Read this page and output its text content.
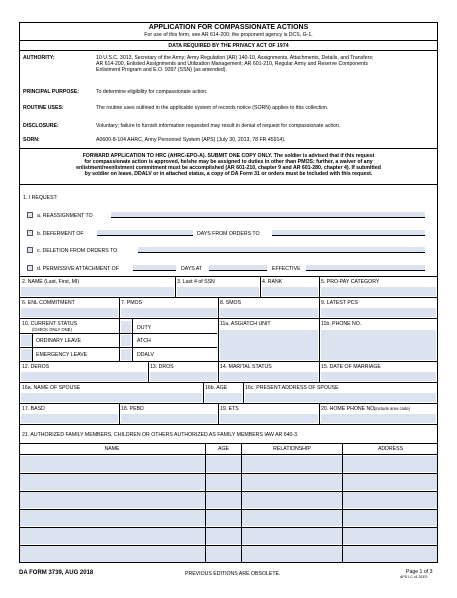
APPLICATION FOR COMPASSIONATE ACTIONS
For use of this form, see AR 614-200; the proponent agency is DCS, G-1.
DATA REQUIRED BY THE PRIVACY ACT OF 1974
AUTHORITY:	10 U.S.C. 3013, Secretary of the Army; Army Regulation (AR) 140-10, Assignments, Attachments, Details, and Transfers;
AR 614-200, Enlisted Assignments and Utilization Management; AR 601-210, Regular Army and Reserve Components
Enlistment Program and E.O. 9397 (SSN) (as amended).
PRINCIPAL PURPOSE:	To determine eligibility for compassionate action.
ROUTINE USES:	The routine uses outlined in the applicable system of records notice (SORN) applies to this collection.
DISCLOSURE:	Voluntary; failure to furnish information requested may result in denial of request for compassionate action.
SORN:	A0600-8-104 AHRC, Army Personnel System (APS) (July 30, 2013, 78 FR 45914).
FORWARD APPLICATION TO HRC (AHRC-EPO-A). SUBMIT ONE COPY ONLY. The soldier is advised that if this request
for compassionate action is approved, he/she may be assigned to duties in other than PMOS; further, a waiver of any
enlistment/reenlistment commitment must be accomplished (AR 601-210, chapter 9 and AR 601-280, chapter 4). If submitted
by soldier on leave, DDALV or in attached status, a copy of DA Form 31 or orders must be included with this request.
1. I REQUEST:
a. REASSIGNMENT TO
b. DEFERMENT OF	DAYS FROM ORDERS TO
c. DELETION FROM ORDERS TO
d. PERMISSIVE ATTACHMENT OF	DAYS AT	EFFECTIVE
2. NAME (Last, First, MI)	3. Last 4 of SSN	4. RANK	5. PRO-PAY CATEGORY
6. ENL COMMITMENT	7. PMOS	8. SMOS	9. LATEST PCS
10. CURRENT STATUS
(CHECK ONLY ONE)	DUTY
ORDINARY LEAVE	ATCH
EMERGENCY LEAVE	DDALV
11a. ASG/ATCH UNIT	11b. PHONE NO.
12. DEROS	13. DROS	14. MARITAL STATUS	15. DATE OF MARRIAGE
16a. NAME OF SPOUSE	16b. AGE	16c. PRESENT ADDRESS OF SPOUSE
17. BASD	18. PEBD	19. ETS	20. HOME PHONE NO.
(Include area code)
21. AUTHORIZED FAMILY MEMBERS, CHILDREN OR OTHERS AUTHORIZED AS FAMILY MEMBERS IAW AR 640-3.
NAME	AGE	RELATIONSHIP	ADDRESS
DA FORM 3739, AUG 2018	PREVIOUS EDITIONS ARE OBSOLETE.	Page 1 of 3
APD LC v1.01ES
